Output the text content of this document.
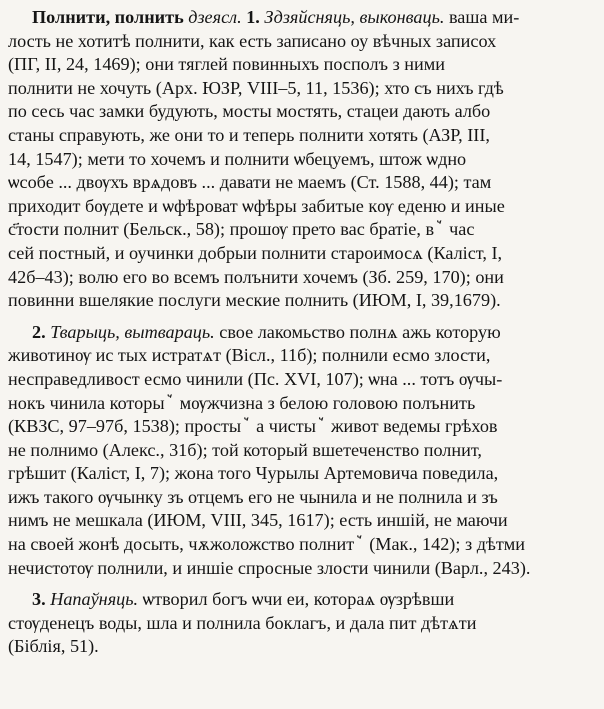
Полнити, полнить дзеясл. 1. Здзяйсняць, выконваць. ваша ми-
лость не хотитѣ полнити, как есть записано оу вѣчных записох
(ПГ, II, 24, 1469); они тяглей повинныхъ посполъ з ними
полнити не хочуть (Арх. ЮЗР, VIII–5, 11, 1536); хто съ нихъ гдѣ
по сесь час замки будують, мосты мостять, стацеи дають албо
станы справують, же они то и теперь полнити хотять (АЗР, III,
14, 1547); мети то хочемъ и полнити ѡбецуемъ, штож ѡдно
ѡсобе ... двѹхъ врѧдовъ ... давати не маемъ (Ст. 1588, 44); там
приходит бѹдете и ѡфѣроват ѡфѣры забитые кѹ еденю и иные
с҃тости полнит (Бельск., 58); прошѹ прето вас братіе, вꙿ час
сей постный, и оучинки добрыи полнити староимосѧ (Каліст, I,
42б–43); волю его во всемъ полънити хочемъ (Зб. 259, 170); они
повинни вшелякие послуги меские полнить (ИЮМ, I, 39,1679).
2. Тварыць, вытвараць. свое лакомьство полнѧ ажь которую
животинѹ ис тых истратѧт (Вісл., 11б); полнили есмо злости,
несправедливост есмо чинили (Пс. XVI, 107); ѡна ... тотъ ѹчы-
нокъ чинила которыꙿ мѹжчизна з белою головою полънить
(КВЗС, 97–97б, 1538); простыꙿ а чистыꙿ живот ведемы грѣхов
не полнимо (Алекс., 31б); той который вшетеченство полнит,
грѣшит (Каліст, I, 7); жона того Чурылы Артемовича поведила,
ижъ такого ѹчынку зъ отцемъ его не чынила и не полнила и зъ
нимъ не мешкала (ИЮМ, VIII, 345, 1617); есть иншій, не маючи
на своей жонѣ досыть, чѫжоложство полнитꙿ (Мак., 142); з дѣтми
нечистотѹ полнили, и иншіе спросные злости чинили (Варл., 243).
3. Напаўняць. ѡтворил богъ ѡчи еи, котораѧ ѹзрѣвши
стѹденецъ воды, шла и полнила боклагъ, и дала пит дѣтѧти
(Біблія, 51).
